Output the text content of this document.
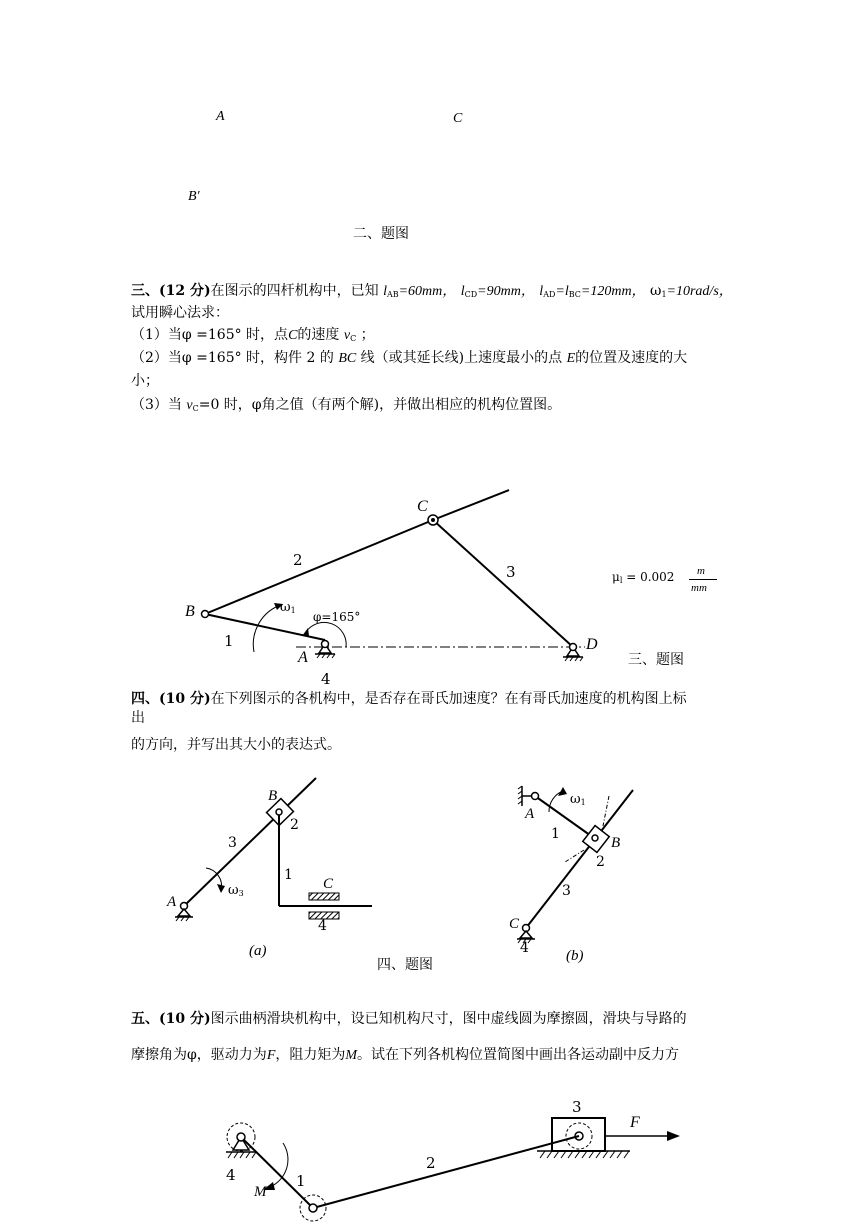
A	C
B′
二、题图
三、(12 分)在图示的四杆机构中，已知 $l_{AB}=60mm$， $l_{CD}=90mm$， $l_{AD}=l_{BC}=120mm$， $\omega_1=10rad/s$，
试用瞬心法求：
（1）当φ =165° 时，点C的速度 $v_C$ ；
（2）当φ =165° 时，构件 2 的 BC 线（或其延长线)上速度最小的点 E的位置及速度的大
小；
（3）当 $v_C=0$ 时，φ角之值（有两个解)，并做出相应的机构位置图。
C
2
3
B	$\omega_1$ φ=165°
1
A
D
4
$\mu_l = 0.002$ m
mm
三、题图
四、(10 分)在下列图示的各机构中，是否存在哥氏加速度？在有哥氏加速度的机构图上标
出
的方向，并写出其大小的表达式。
B
2
3
1
C
$\omega_3$
A
4
(a)
$\omega_1$
A
1
B
2
3
C
4 (b)
四、题图
五、(10 分)图示曲柄滑块机构中，设已知机构尺寸，图中虚线圆为摩擦圆，滑块与导路的
摩擦角为φ，驱动力为F，阻力矩为M。试在下列各机构位置简图中画出各运动副中反力方
3
F
4	1
2
M
